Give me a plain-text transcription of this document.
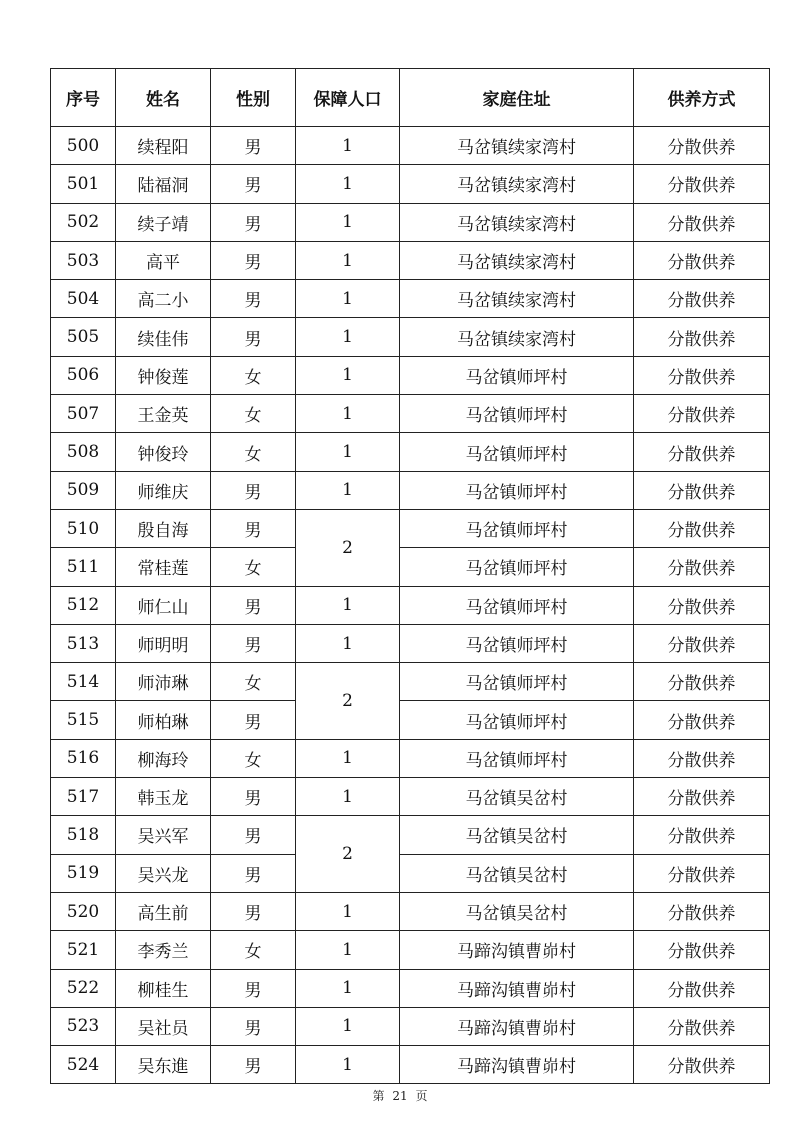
序号	姓名	性别	保障人口	家庭住址	供养方式
500	续程阳	男	1	马岔镇续家湾村	分散供养
501	陆福洞	男	1	马岔镇续家湾村	分散供养
502	续子靖	男	1	马岔镇续家湾村	分散供养
503	高平	男	1	马岔镇续家湾村	分散供养
504	高二小	男	1	马岔镇续家湾村	分散供养
505	续佳伟	男	1	马岔镇续家湾村	分散供养
506	钟俊莲	女	1	马岔镇师坪村	分散供养
507	王金英	女	1	马岔镇师坪村	分散供养
508	钟俊玲	女	1	马岔镇师坪村	分散供养
509	师维庆	男	1	马岔镇师坪村	分散供养
510	殷自海	男	2	马岔镇师坪村	分散供养
511	常桂莲	女		马岔镇师坪村	分散供养
512	师仁山	男	1	马岔镇师坪村	分散供养
513	师明明	男	1	马岔镇师坪村	分散供养
514	师沛琳	女	2	马岔镇师坪村	分散供养
515	师柏琳	男		马岔镇师坪村	分散供养
516	柳海玲	女	1	马岔镇师坪村	分散供养
517	韩玉龙	男	1	马岔镇吴岔村	分散供养
518	吴兴军	男	2	马岔镇吴岔村	分散供养
519	吴兴龙	男		马岔镇吴岔村	分散供养
520	高生前	男	1	马岔镇吴岔村	分散供养
521	李秀兰	女	1	马蹄沟镇曹峁村	分散供养
522	柳桂生	男	1	马蹄沟镇曹峁村	分散供养
523	吴社员	男	1	马蹄沟镇曹峁村	分散供养
524	吴东進	男	1	马蹄沟镇曹峁村	分散供养
第 21 页
